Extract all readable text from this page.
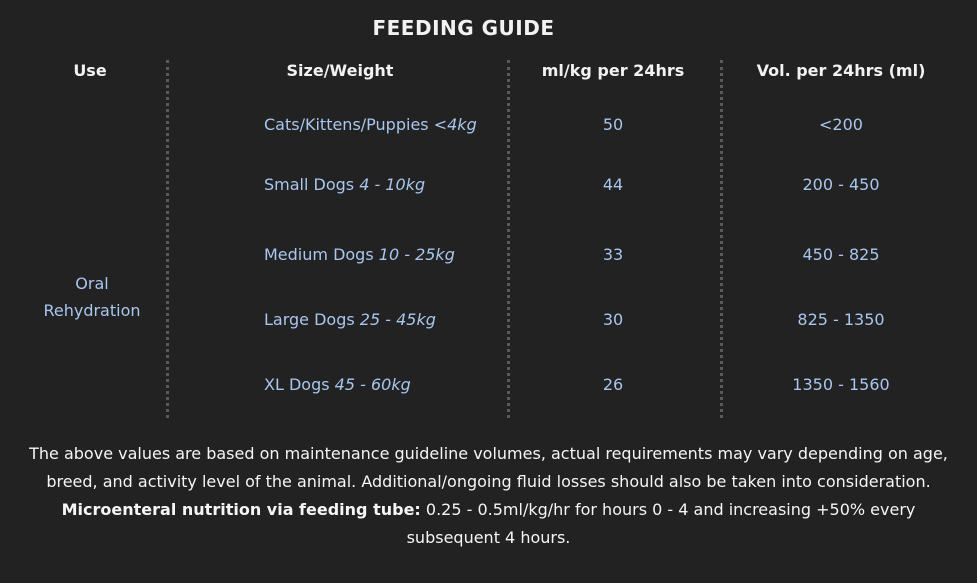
FEEDING GUIDE
Use	Size/Weight	ml/kg per 24hrs	Vol. per 24hrs (ml)
Oral
Rehydration
Cats/Kittens/Puppies <4kg	50	<200
Small Dogs 4 - 10kg	44	200 - 450
Medium Dogs 10 - 25kg	33	450 - 825
Large Dogs 25 - 45kg	30	825 - 1350
XL Dogs 45 - 60kg	26	1350 - 1560

The above values are based on maintenance guideline volumes, actual requirements may vary depending on age, breed, and activity level of the animal. Additional/ongoing fluid losses should also be taken into consideration.

Microenteral nutrition via feeding tube: 0.25 - 0.5ml/kg/hr for hours 0 - 4 and increasing +50% every subsequent 4 hours.
